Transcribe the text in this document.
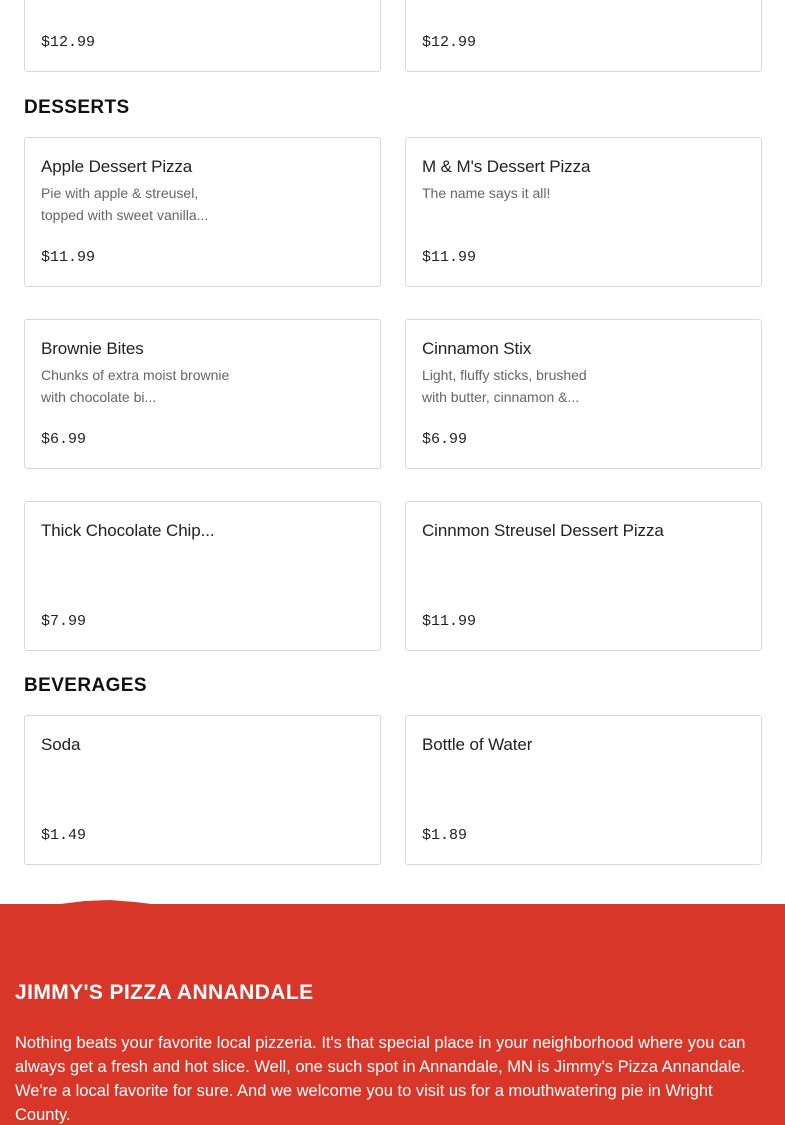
$12.99	$12.99
DESSERTS
Apple Dessert Pizza
Pie with apple & streusel, topped with sweet vanilla...
$11.99
M & M's Dessert Pizza
The name says it all!
$11.99
Brownie Bites
Chunks of extra moist brownie with chocolate bi...
$6.99
Cinnamon Stix
Light, fluffy sticks, brushed with butter, cinnamon &...
$6.99
Thick Chocolate Chip...
$7.99
Cinnmon Streusel Dessert Pizza
$11.99
BEVERAGES
Soda
$1.49
Bottle of Water
$1.89
JIMMY'S PIZZA ANNANDALE
Nothing beats your favorite local pizzeria. It's that special place in your neighborhood where you can always get a fresh and hot slice. Well, one such spot in Annandale, MN is Jimmy's Pizza Annandale. We're a local favorite for sure. And we welcome you to visit us for a mouthwatering pie in Wright County.
